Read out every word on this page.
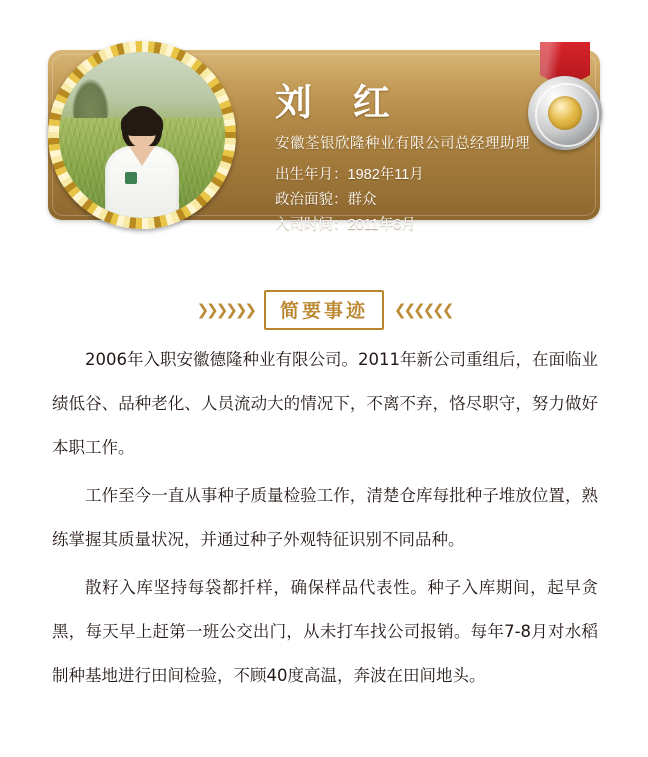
刘 红
安徽荃银欣隆种业有限公司总经理助理
出生年月：1982年11月
政治面貌：群众
入司时间：2011年6月
❯❯❯❯❯❯	简要事迹	❮❮❮❮❮❮

2006年入职安徽德隆种业有限公司。2011年新公司重组后，在面临业绩低谷、品种老化、人员流动大的情况下，不离不弃，恪尽职守，努力做好本职工作。

工作至今一直从事种子质量检验工作，清楚仓库每批种子堆放位置，熟练掌握其质量状况，并通过种子外观特征识别不同品种。

散籽入库坚持每袋都扦样，确保样品代表性。种子入库期间，起早贪黑，每天早上赶第一班公交出门，从未打车找公司报销。每年7-8月对水稻制种基地进行田间检验，不顾40度高温，奔波在田间地头。
